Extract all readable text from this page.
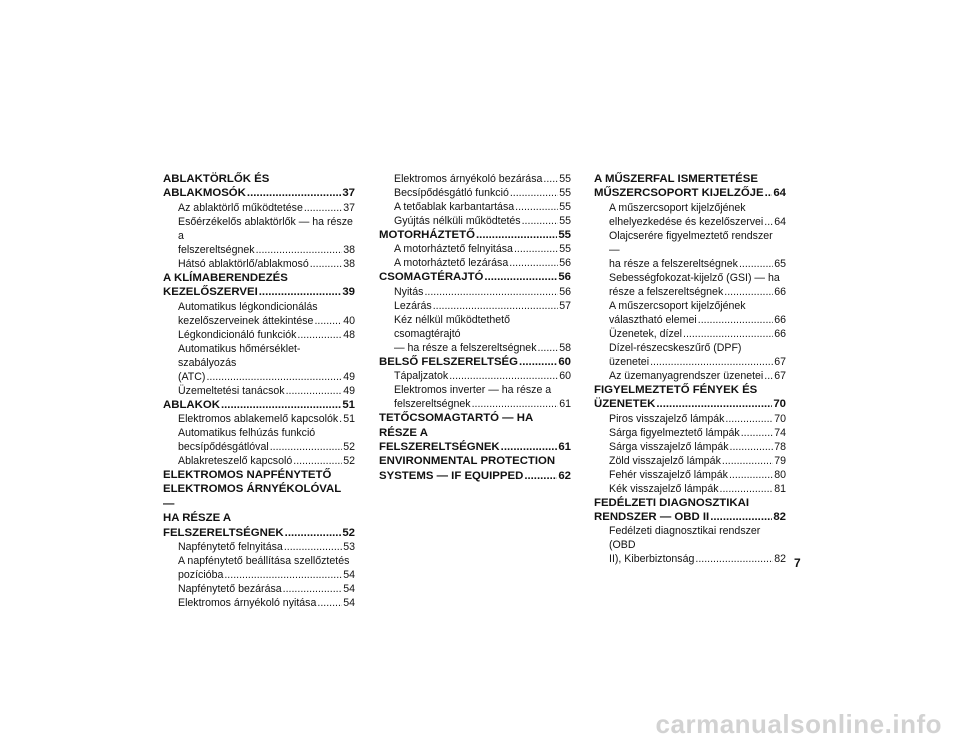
ABLAKTÖRLŐK ÉS
ABLAKMOSÓK .....	37
Az ablaktörlő működtetése .....	37
Esőérzékelős ablaktörlők — ha része a
felszereltségnek .....	38
Hátsó ablaktörlő/ablakmosó .....	38
A KLÍMABERENDEZÉS
KEZELŐSZERVEI .....	39
Automatikus légkondicionálás
kezelőszerveinek áttekintése .....	40
Légkondicionáló funkciók .....	48
Automatikus hőmérséklet-szabályozás
(ATC) .....	49
Üzemeltetési tanácsok .....	49
ABLAKOK .....	51
Elektromos ablakemelő kapcsolók ..... 51
Automatikus felhúzás funkció
becsípődésgátlóval .....	52
Ablakreteszelő kapcsoló .....	52
ELEKTROMOS NAPFÉNYTETŐ
ELEKTROMOS ÁRNYÉKOLÓVAL —
HA RÉSZE A
FELSZERELTSÉGNEK .....	52
Napfénytető felnyitása .....	53
A napfénytető beállítása szellőztetés
pozícióba .....	54
Napfénytető bezárása .....	54
Elektromos árnyékoló nyitása .....	54
Elektromos árnyékoló bezárása ..... 55
Becsípődésgátló funkció .....	55
A tetőablak karbantartása .....	55
Gyújtás nélküli működtetés .....	55
MOTORHÁZTETŐ .....	55
A motorháztető felnyitása .....	55
A motorháztető lezárása .....	56
CSOMAGTÉRAJTÓ .....	56
Nyitás .....	56
Lezárás .....	57
Kéz nélkül működtethető csomagtérajtó
— ha része a felszereltségnek ..... 58
BELSŐ FELSZERELTSÉG .....	60
Tápaljzatok .....	60
Elektromos inverter — ha része a
felszereltségnek .....	61
TETŐCSOMAGTARTÓ — HA RÉSZE A
FELSZERELTSÉGNEK .....	61
ENVIRONMENTAL PROTECTION
SYSTEMS — IF EQUIPPED .....	62
A MŰSZERFAL ISMERTETÉSE
MŰSZERCSOPORT KIJELZŐJE ..... 64
A műszercsoport kijelzőjének
elhelyezkedése és kezelőszervei ..... 64
Olajcserére figyelmeztető rendszer —
ha része a felszereltségnek .....	65
Sebességfokozat-kijelző (GSI) — ha
része a felszereltségnek .....	66
A műszercsoport kijelzőjének
választható elemei .....	66
Üzenetek, dízel .....	66
Dízel-részecskeszűrő (DPF)
üzenetei .....	67
Az üzemanyagrendszer üzenetei ..... 67
FIGYELMEZTETŐ FÉNYEK ÉS
ÜZENETEK .....	70
Piros visszajelző lámpák .....	70
Sárga figyelmeztető lámpák .....	74
Sárga visszajelző lámpák .....	78
Zöld visszajelző lámpák .....	79
Fehér visszajelző lámpák .....	80
Kék visszajelző lámpák .....	81
FEDÉLZETI DIAGNOSZTIKAI
RENDSZER — OBD II .....	82
Fedélzeti diagnosztikai rendszer (OBD
II), Kiberbiztonság .....	82 7
carmanualsonline.info
